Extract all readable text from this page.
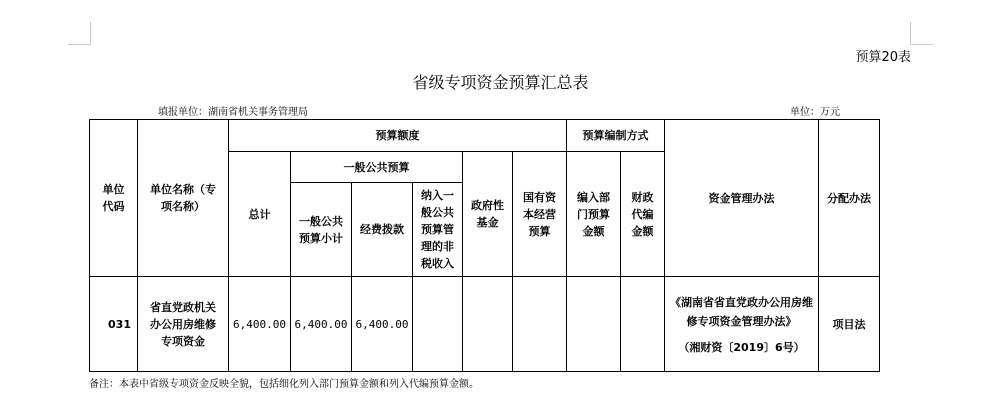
预算20表
省级专项资金预算汇总表
填报单位：湖南省机关事务管理局	单位：万元
单位代码	单位名称（专项名称）	预算额度						预算编制方式		资金管理办法	分配办法
		总计	一般公共预算			政府性基金	国有资本经营预算	编入部门预算金额	财政代编金额		

			一般公共预算小计	经费拨款	纳入一般公共预算管理的非税收入						

031	省直党政机关办公用房维修专项资金	6,400.00	6,400.00	6,400.00						《湖南省省直党政办公用房维修专项资金管理办法》
（湘财资〔2019〕6号）	项目法
备注：本表中省级专项资金反映全貌，包括细化列入部门预算金额和列入代编预算金额。
